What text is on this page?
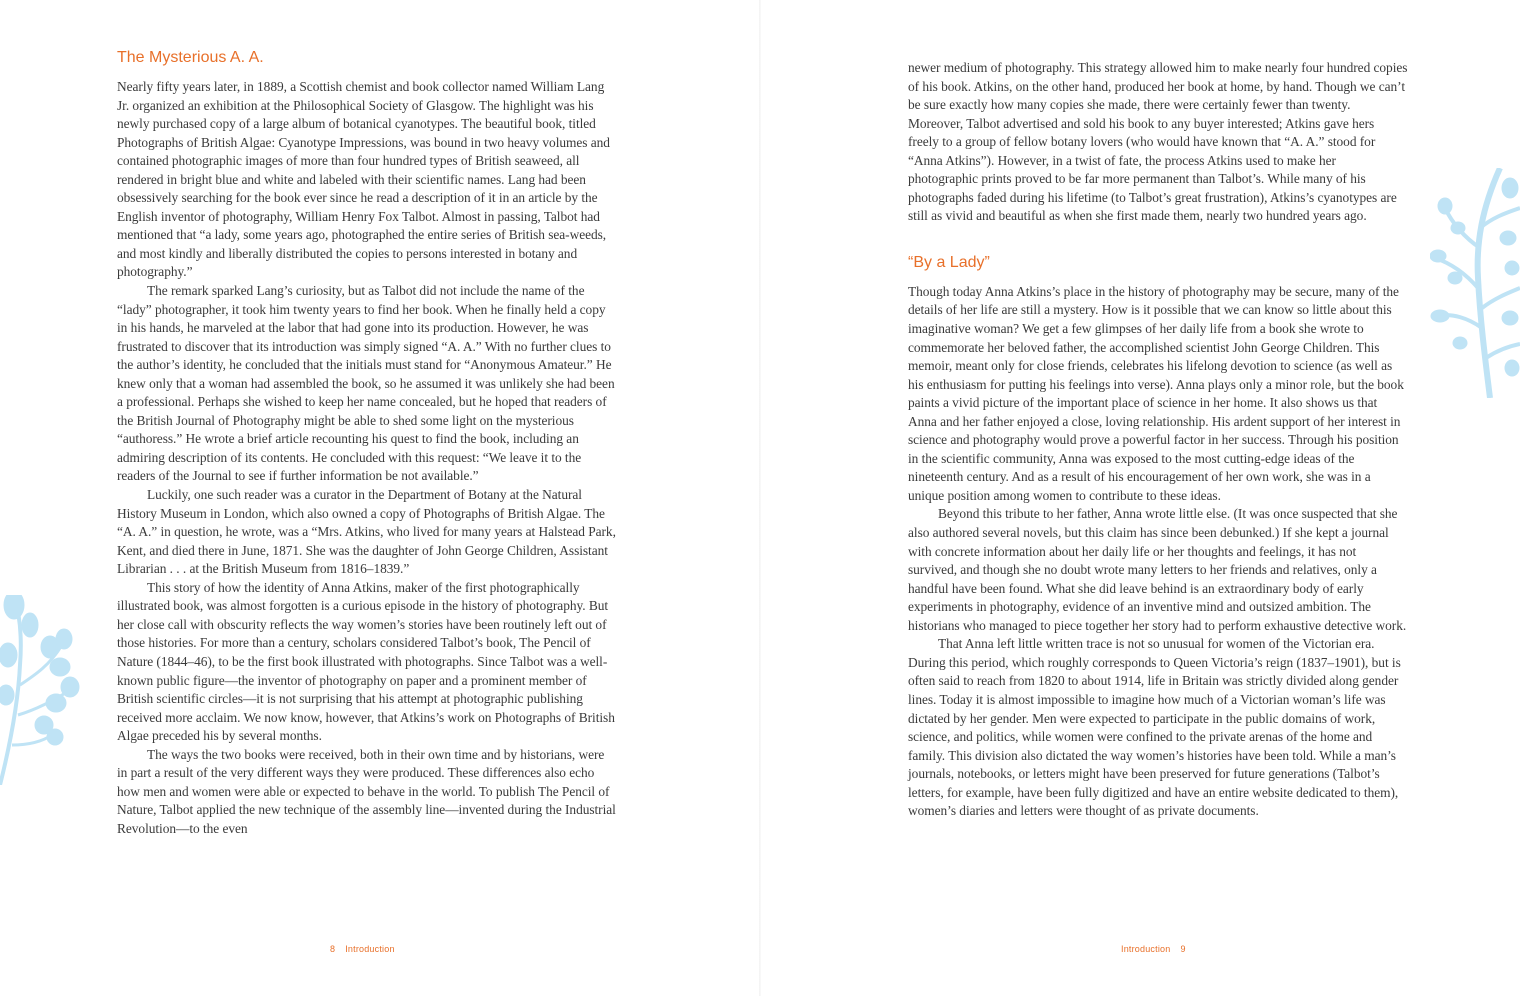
The Mysterious A. A.

Nearly fifty years later, in 1889, a Scottish chemist and book collector named William Lang Jr. organized an exhibition at the Philosophical Society of Glasgow. The highlight was his newly purchased copy of a large album of botanical cyanotypes. The beautiful book, titled Photographs of British Algae: Cyanotype Impressions, was bound in two heavy volumes and contained photographic images of more than four hundred types of British seaweed, all rendered in bright blue and white and labeled with their scientific names. Lang had been obsessively searching for the book ever since he read a description of it in an article by the English inventor of photography, William Henry Fox Talbot. Almost in passing, Talbot had mentioned that “a lady, some years ago, photographed the entire series of British sea-weeds, and most kindly and liberally distributed the copies to persons interested in botany and photography.”

The remark sparked Lang’s curiosity, but as Talbot did not include the name of the “lady” photographer, it took him twenty years to find her book. When he finally held a copy in his hands, he marveled at the labor that had gone into its production. However, he was frustrated to discover that its introduction was simply signed “A. A.” With no further clues to the author’s identity, he concluded that the initials must stand for “Anonymous Amateur.” He knew only that a woman had assembled the book, so he assumed it was unlikely she had been a professional. Perhaps she wished to keep her name concealed, but he hoped that readers of the British Journal of Photography might be able to shed some light on the mysterious “authoress.” He wrote a brief article recounting his quest to find the book, including an admiring description of its contents. He concluded with this request: “We leave it to the readers of the Journal to see if further information be not available.”

Luckily, one such reader was a curator in the Department of Botany at the Natural History Museum in London, which also owned a copy of Photographs of British Algae. The “A. A.” in question, he wrote, was a “Mrs. Atkins, who lived for many years at Halstead Park, Kent, and died there in June, 1871. She was the daughter of John George Children, Assistant Librarian . . . at the British Museum from 1816–1839.”

This story of how the identity of Anna Atkins, maker of the first photographically illustrated book, was almost forgotten is a curious episode in the history of photography. But her close call with obscurity reflects the way women’s stories have been routinely left out of those histories. For more than a century, scholars considered Talbot’s book, The Pencil of Nature (1844–46), to be the first book illustrated with photographs. Since Talbot was a well-known public figure—the inventor of photography on paper and a prominent member of British scientific circles—it is not surprising that his attempt at photographic publishing received more acclaim. We now know, however, that Atkins’s work on Photographs of British Algae preceded his by several months.

The ways the two books were received, both in their own time and by historians, were in part a result of the very different ways they were produced. These differences also echo how men and women were able or expected to behave in the world. To publish The Pencil of Nature, Talbot applied the new technique of the assembly line—invented during the Industrial Revolution—to the even

newer medium of photography. This strategy allowed him to make nearly four hundred copies of his book. Atkins, on the other hand, produced her book at home, by hand. Though we can’t be sure exactly how many copies she made, there were certainly fewer than twenty. Moreover, Talbot advertised and sold his book to any buyer interested; Atkins gave hers freely to a group of fellow botany lovers (who would have known that “A. A.” stood for “Anna Atkins”). However, in a twist of fate, the process Atkins used to make her photographic prints proved to be far more permanent than Talbot’s. While many of his photographs faded during his lifetime (to Talbot’s great frustration), Atkins’s cyanotypes are still as vivid and beautiful as when she first made them, nearly two hundred years ago.

“By a Lady”

Though today Anna Atkins’s place in the history of photography may be secure, many of the details of her life are still a mystery. How is it possible that we can know so little about this imaginative woman? We get a few glimpses of her daily life from a book she wrote to commemorate her beloved father, the accomplished scientist John George Children. This memoir, meant only for close friends, celebrates his lifelong devotion to science (as well as his enthusiasm for putting his feelings into verse). Anna plays only a minor role, but the book paints a vivid picture of the important place of science in her home. It also shows us that Anna and her father enjoyed a close, loving relationship. His ardent support of her interest in science and photography would prove a powerful factor in her success. Through his position in the scientific community, Anna was exposed to the most cutting-edge ideas of the nineteenth century. And as a result of his encouragement of her own work, she was in a unique position among women to contribute to these ideas.

Beyond this tribute to her father, Anna wrote little else. (It was once suspected that she also authored several novels, but this claim has since been debunked.) If she kept a journal with concrete information about her daily life or her thoughts and feelings, it has not survived, and though she no doubt wrote many letters to her friends and relatives, only a handful have been found. What she did leave behind is an extraordinary body of early experiments in photography, evidence of an inventive mind and outsized ambition. The historians who managed to piece together her story had to perform exhaustive detective work.

That Anna left little written trace is not so unusual for women of the Victorian era. During this period, which roughly corresponds to Queen Victoria’s reign (1837–1901), but is often said to reach from 1820 to about 1914, life in Britain was strictly divided along gender lines. Today it is almost impossible to imagine how much of a Victorian woman’s life was dictated by her gender. Men were expected to participate in the public domains of work, science, and politics, while women were confined to the private arenas of the home and family. This division also dictated the way women’s histories have been told. While a man’s journals, notebooks, or letters might have been preserved for future generations (Talbot’s letters, for example, have been fully digitized and have an entire website dedicated to them), women’s diaries and letters were thought of as private documents.

8 Introduction	Introduction 9
